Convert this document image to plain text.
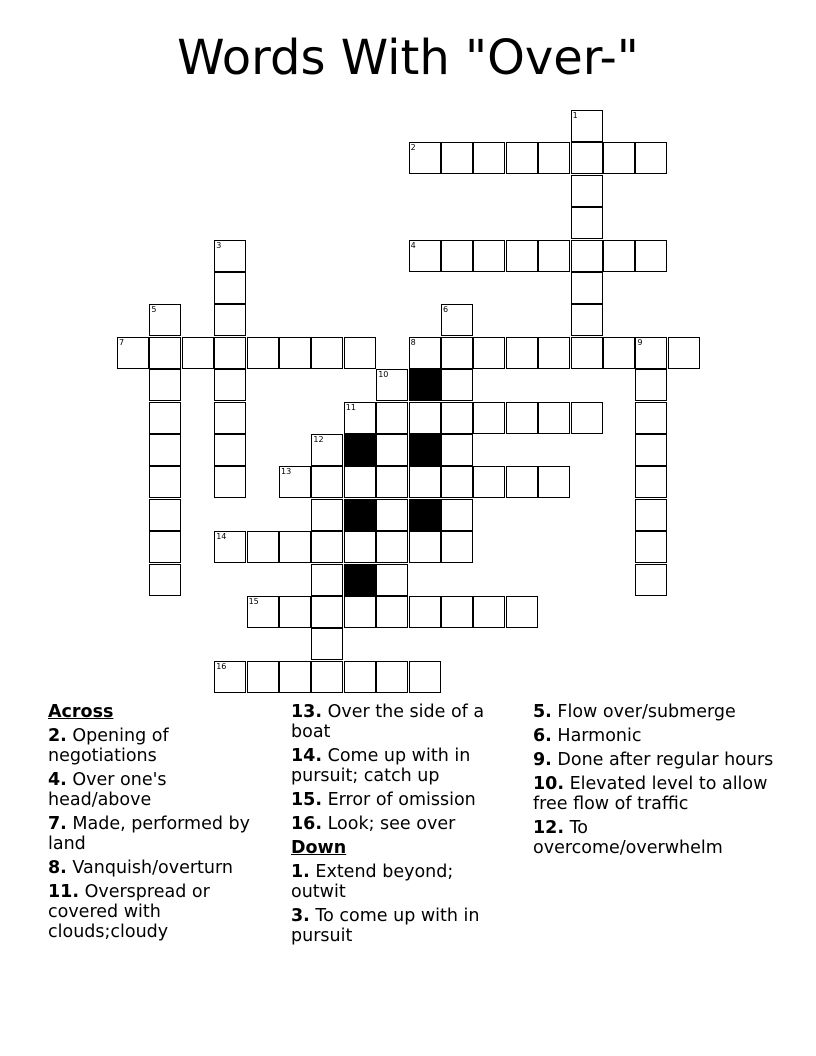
Words With "Over-"
1
2
3	4
5	6
7	8	9
10
11
12
13
14
15
16
Across
2. Opening of negotiations
4. Over one's head/above
7. Made, performed by land
8. Vanquish/overturn
11. Overspread or covered with clouds;cloudy
13. Over the side of a boat
14. Come up with in pursuit; catch up
15. Error of omission
16. Look; see over
Down
1. Extend beyond; outwit
3. To come up with in pursuit
5. Flow over/submerge
6. Harmonic
9. Done after regular hours
10. Elevated level to allow free flow of traffic
12. To overcome/overwhelm
